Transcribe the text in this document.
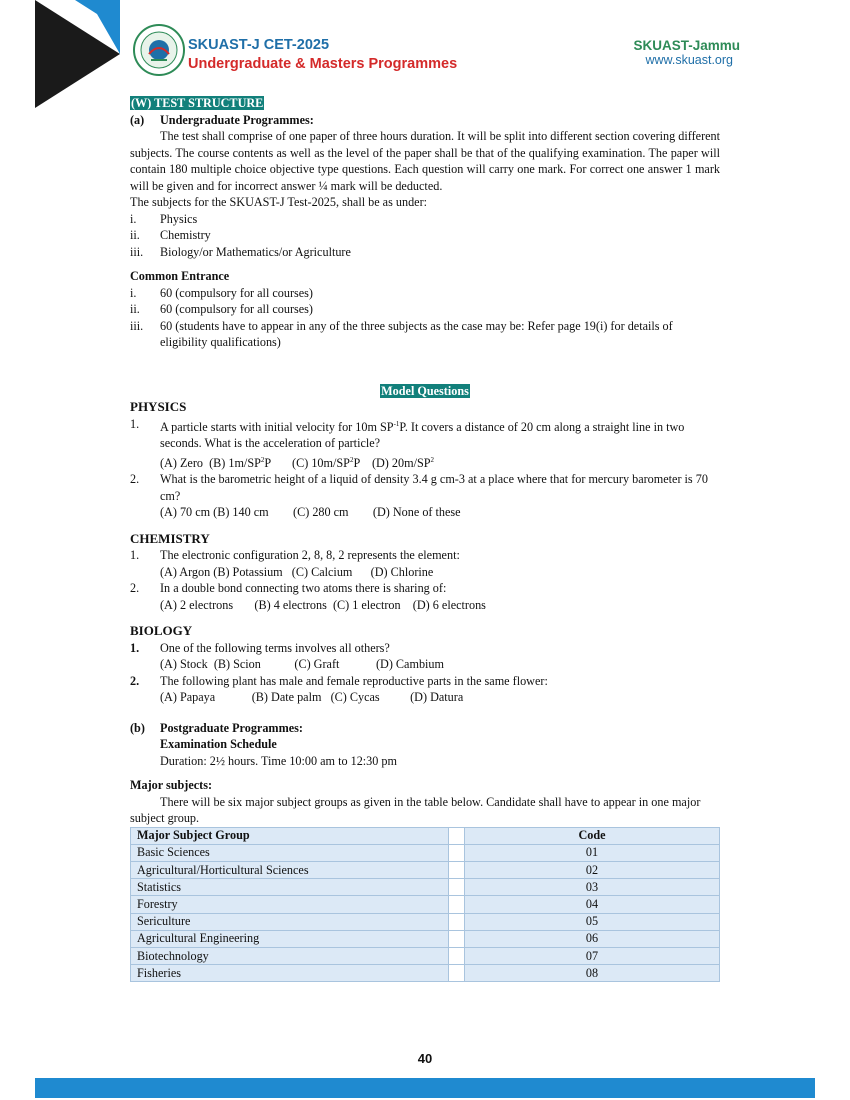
SKUAST-J CET-2025
Undergraduate & Masters Programmes
SKUAST-Jammu
www.skuast.org
(W) TEST STRUCTURE
(a)	Undergraduate Programmes:

The test shall comprise of one paper of three hours duration. It will be split into different section covering different subjects. The course contents as well as the level of the paper shall be that of the qualifying examination. The paper will contain 180 multiple choice objective type questions. Each question will carry one mark. For correct one answer 1 mark will be given and for incorrect answer ¼ mark will be deducted.

The subjects for the SKUAST-J Test-2025, shall be as under:

i.	Physics
ii.	Chemistry
iii.	Biology/or Mathematics/or Agriculture

Common Entrance

i.	60 (compulsory for all courses)
ii.	60 (compulsory for all courses)
iii.	60 (students have to appear in any of the three subjects as the case may be: Refer page 19(i) for details of eligibility qualifications)
Model Questions

PHYSICS

1.	A particle starts with initial velocity for 10m $SP^{-1}P$. It covers a distance of 20 cm along a straight line in two seconds. What is the acceleration of particle?
(A) Zero  (B) $1m/SP^2P$       (C) $10m/SP^2P$    (D) $20m/SP^2$
2.	What is the barometric height of a liquid of density 3.4 g cm-3 at a place where that for mercury barometer is 70 cm?
(A) 70 cm (B) 140 cm        (C) 280 cm        (D) None of these

CHEMISTRY

1.	The electronic configuration 2, 8, 8, 2 represents the element:
(A) Argon (B) Potassium   (C) Calcium      (D) Chlorine
2.	In a double bond connecting two atoms there is sharing of:
(A) 2 electrons       (B) 4 electrons  (C) 1 electron    (D) 6 electrons

BIOLOGY

1.	One of the following terms involves all others?
(A) Stock  (B) Scion           (C) Graft            (D) Cambium
2.	The following plant has male and female reproductive parts in the same flower:
(A) Papaya            (B) Date palm   (C) Cycas          (D) Datura
(b)	Postgraduate Programmes:

Examination Schedule

Duration: 2½ hours. Time 10:00 am to 12:30 pm

Major subjects:

There will be six major subject groups as given in the table below. Candidate shall have to appear in one major subject group.

Major Subject Group		Code
Basic Sciences		01
Agricultural/Horticultural Sciences		02
Statistics		03
Forestry		04
Sericulture		05
Agricultural Engineering		06
Biotechnology		07
Fisheries		08
40
